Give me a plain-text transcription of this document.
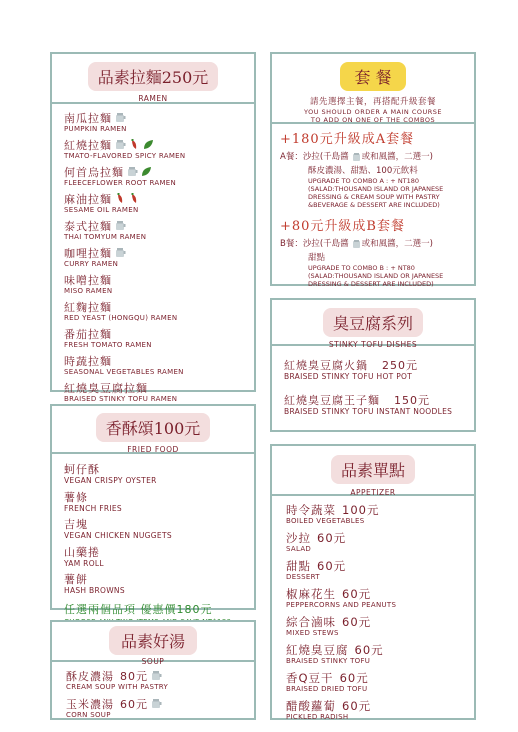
品素拉麵250元
RAMEN
南瓜拉麵
PUMPKIN RAMEN
紅燒拉麵
TMATO-FLAVORED SPICY RAMEN
何首烏拉麵
FLEECEFLOWER ROOT RAMEN
麻油拉麵
SESAME OIL RAMEN
泰式拉麵
THAI TOMYUM RAMEN
咖哩拉麵
CURRY RAMEN
味噌拉麵
MISO RAMEN
紅麴拉麵
RED YEAST (HONGQU) RAMEN
番茄拉麵
FRESH TOMATO RAMEN
時蔬拉麵
SEASONAL VEGETABLES RAMEN
紅燒臭豆腐拉麵
BRAISED STINKY TOFU RAMEN
香酥頌100元
FRIED FOOD
蚵仔酥
VEGAN CRISPY OYSTER
薯條
FRENCH FRIES
吉塊
VEGAN CHICKEN NUGGETS
山藥捲
YAM ROLL
薯餅
HASH BROWNS
任選兩個品項 優惠價180元
品素好湯
SOUP
酥皮濃湯 80元
CREAM SOUP WITH PASTRY
玉米濃湯 60元
CORN SOUP
套 餐
請先選擇主餐，再搭配升級套餐
YOU SHOULD ORDER A MAIN COURSE
TO ADD ON ONE OF THE COMBOS
+180元升級成A套餐
A餐：沙拉(千島醬 或和風醬，二選一)
酥皮濃湯、甜點、100元飲料
UPGRADE TO COMBO A : + NT180
(SALAD:THOUSAND ISLAND OR JAPANESE
DRESSING & CREAM SOUP WITH PASTRY
&BEVERAGE & DESSERT ARE INCLUDED)
+80元升級成B套餐
B餐：沙拉(千島醬 或和風醬，二選一)
甜點
UPGRADE TO COMBO B : + NT80
(SALAD:THOUSAND ISLAND OR JAPANESE
DRESSING & DESSERT ARE INCLUDED)
臭豆腐系列
STINKY TOFU DISHES
紅燒臭豆腐火鍋 250元
BRAISED STINKY TOFU HOT POT
紅燒臭豆腐王子麵 150元
BRAISED STINKY TOFU INSTANT NOODLES
品素單點
APPETIZER
時令蔬菜 100元
BOILED VEGETABLES
沙拉 60元
SALAD
甜點 60元
DESSERT
椒麻花生 60元
PEPPERCORNS AND PEANUTS
綜合滷味 60元
MIXED STEWS
紅燒臭豆腐 60元
BRAISED STINKY TOFU
香Q豆干 60元
BRAISED DRIED TOFU
醋酸蘿蔔 60元
PICKLED RADISH
